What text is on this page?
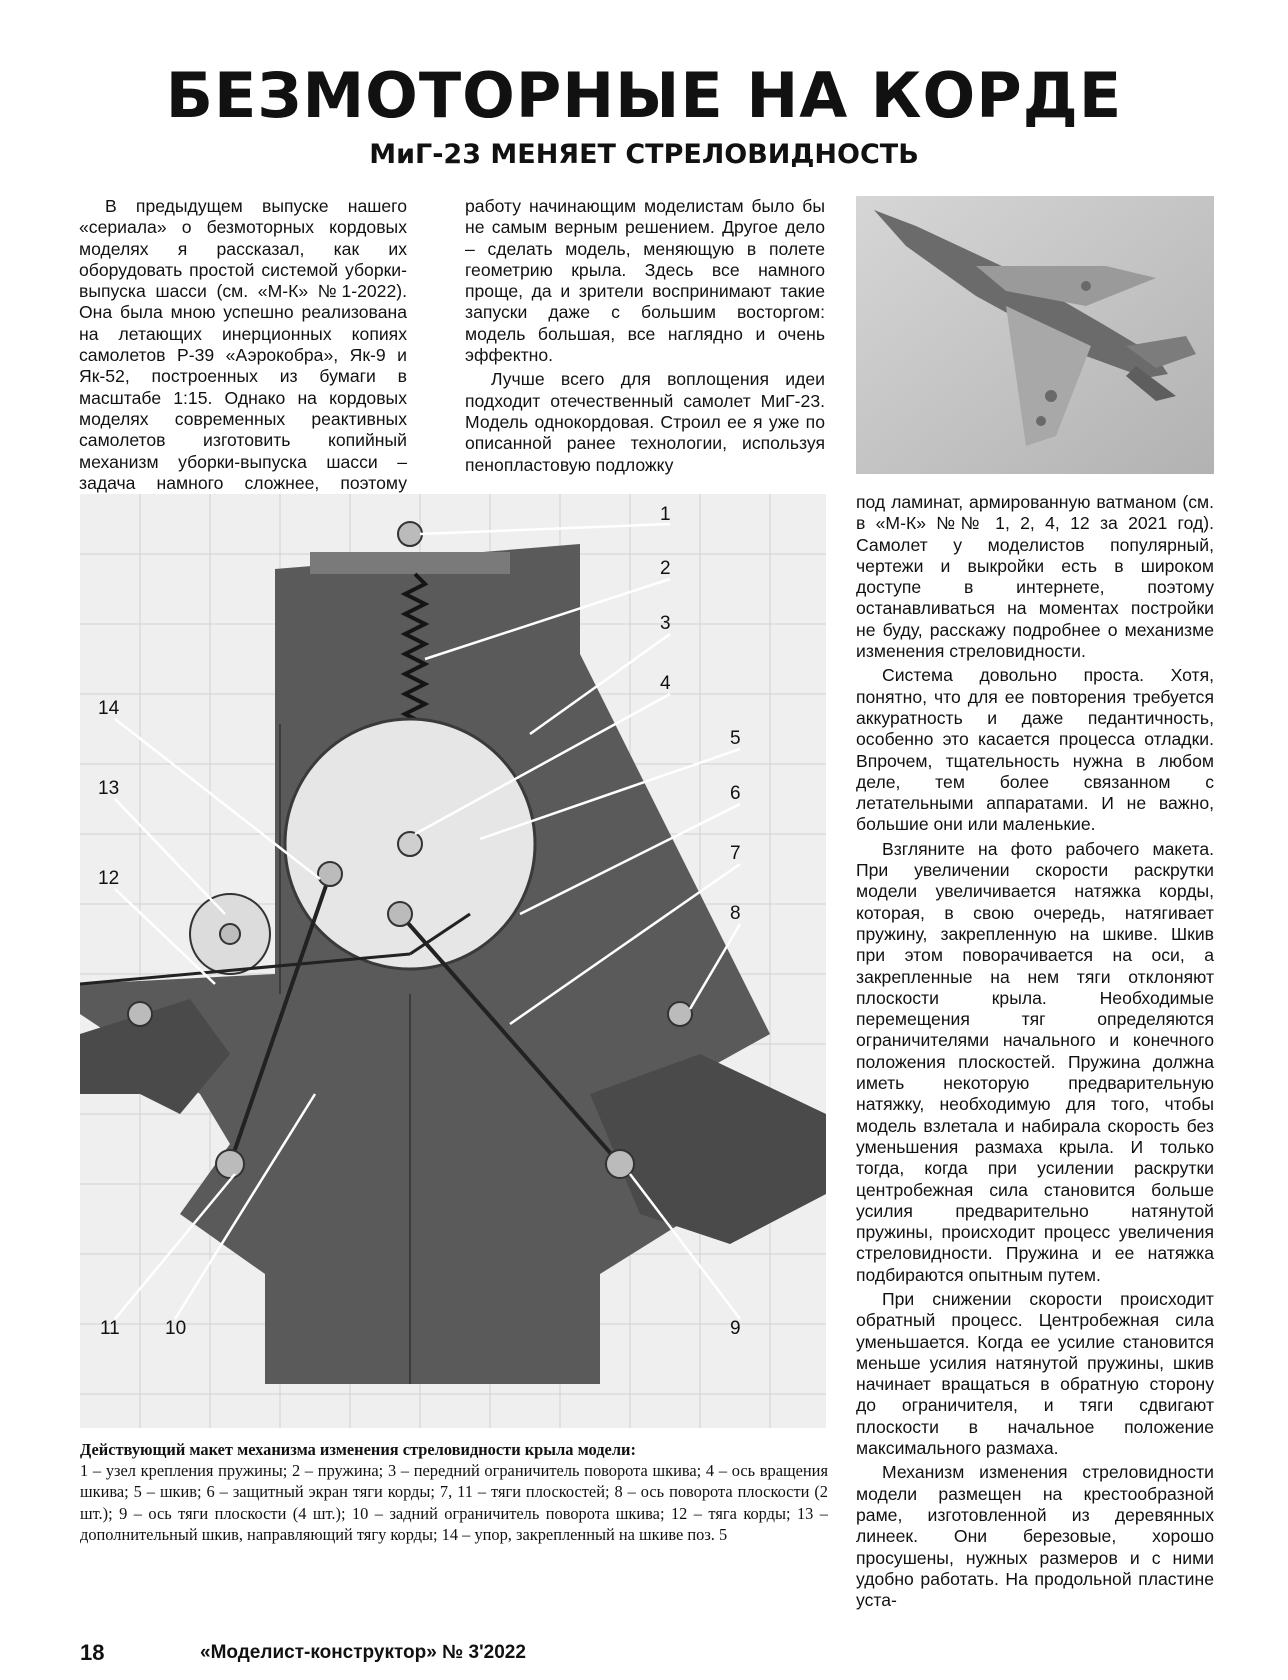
БЕЗМОТОРНЫЕ НА КОРДЕ
МиГ-23 МЕНЯЕТ СТРЕЛОВИДНОСТЬ

В предыдущем выпуске нашего «сериала» о безмоторных кордовых моделях я рассказал, как их оборудовать простой системой уборки-выпуска шасси (см. «М-К» №1-2022). Она была мною успешно реализована на летающих инерционных копиях самолетов Р-39 «Аэрокобра», Як-9 и Як-52, построенных из бумаги в масштабе 1:15. Однако на кордовых моделях современных реактивных самолетов изготовить копийный механизм уборки-выпуска шасси – задача намного сложнее, поэтому

работу начинающим моделистам было бы не самым верным решением. Другое дело – сделать модель, меняющую в полете геометрию крыла. Здесь все намного проще, да и зрители воспринимают такие запуски даже с большим восторгом: модель большая, все наглядно и очень эффектно.

Лучше всего для воплощения идеи подходит отечественный самолет МиГ-23. Модель однокордовая. Строил ее я уже по описанной ранее технологии, используя пенопластовую подложку

1
2
3
4
5
6
7
8
9
10
11
12
13
14

под ламинат, армированную ватманом (см. в «М-К» №№ 1, 2, 4, 12 за 2021 год). Самолет у моделистов популярный, чертежи и выкройки есть в широком доступе в интернете, поэтому останавливаться на моментах постройки не буду, расскажу подробнее о механизме изменения стреловидности.

Система довольно проста. Хотя, понятно, что для ее повторения требуется аккуратность и даже педантичность, особенно это касается процесса отладки. Впрочем, тщательность нужна в любом деле, тем более связанном с летательными аппаратами. И не важно, большие они или маленькие.

Взгляните на фото рабочего макета. При увеличении скорости раскрутки модели увеличивается натяжка корды, которая, в свою очередь, натягивает пружину, закрепленную на шкиве. Шкив при этом поворачивается на оси, а закрепленные на нем тяги отклоняют плоскости крыла. Необходимые перемещения тяг определяются ограничителями начального и конечного положения плоскостей. Пружина должна иметь некоторую предварительную натяжку, необходимую для того, чтобы модель взлетала и набирала скорость без уменьшения размаха крыла. И только тогда, когда при усилении раскрутки центробежная сила становится больше усилия предварительно натянутой пружины, происходит процесс увеличения стреловидности. Пружина и ее натяжка подбираются опытным путем.

При снижении скорости происходит обратный процесс. Центробежная сила уменьшается. Когда ее усилие становится меньше усилия натянутой пружины, шкив начинает вращаться в обратную сторону до ограничителя, и тяги сдвигают плоскости в начальное положение максимального размаха.

Механизм изменения стреловидности модели размещен на крестообразной раме, изготовленной из деревянных линеек. Они березовые, хорошо просушены, нужных размеров и с ними удобно работать. На продольной пластине уста-

Действующий макет механизма изменения стреловидности крыла модели:
1 – узел крепления пружины; 2 – пружина; 3 – передний ограничитель поворота шкива; 4 – ось вращения шкива; 5 – шкив; 6 – защитный экран тяги корды; 7, 11 – тяги плоскостей; 8 – ось поворота плоскости (2 шт.); 9 – ось тяги плоскости (4 шт.); 10 – задний ограничитель поворота шкива; 12 – тяга корды; 13 – дополнительный шкив, направляющий тягу корды; 14 – упор, закрепленный на шкиве поз. 5
18	«Моделист-конструктор» № 3'2022
